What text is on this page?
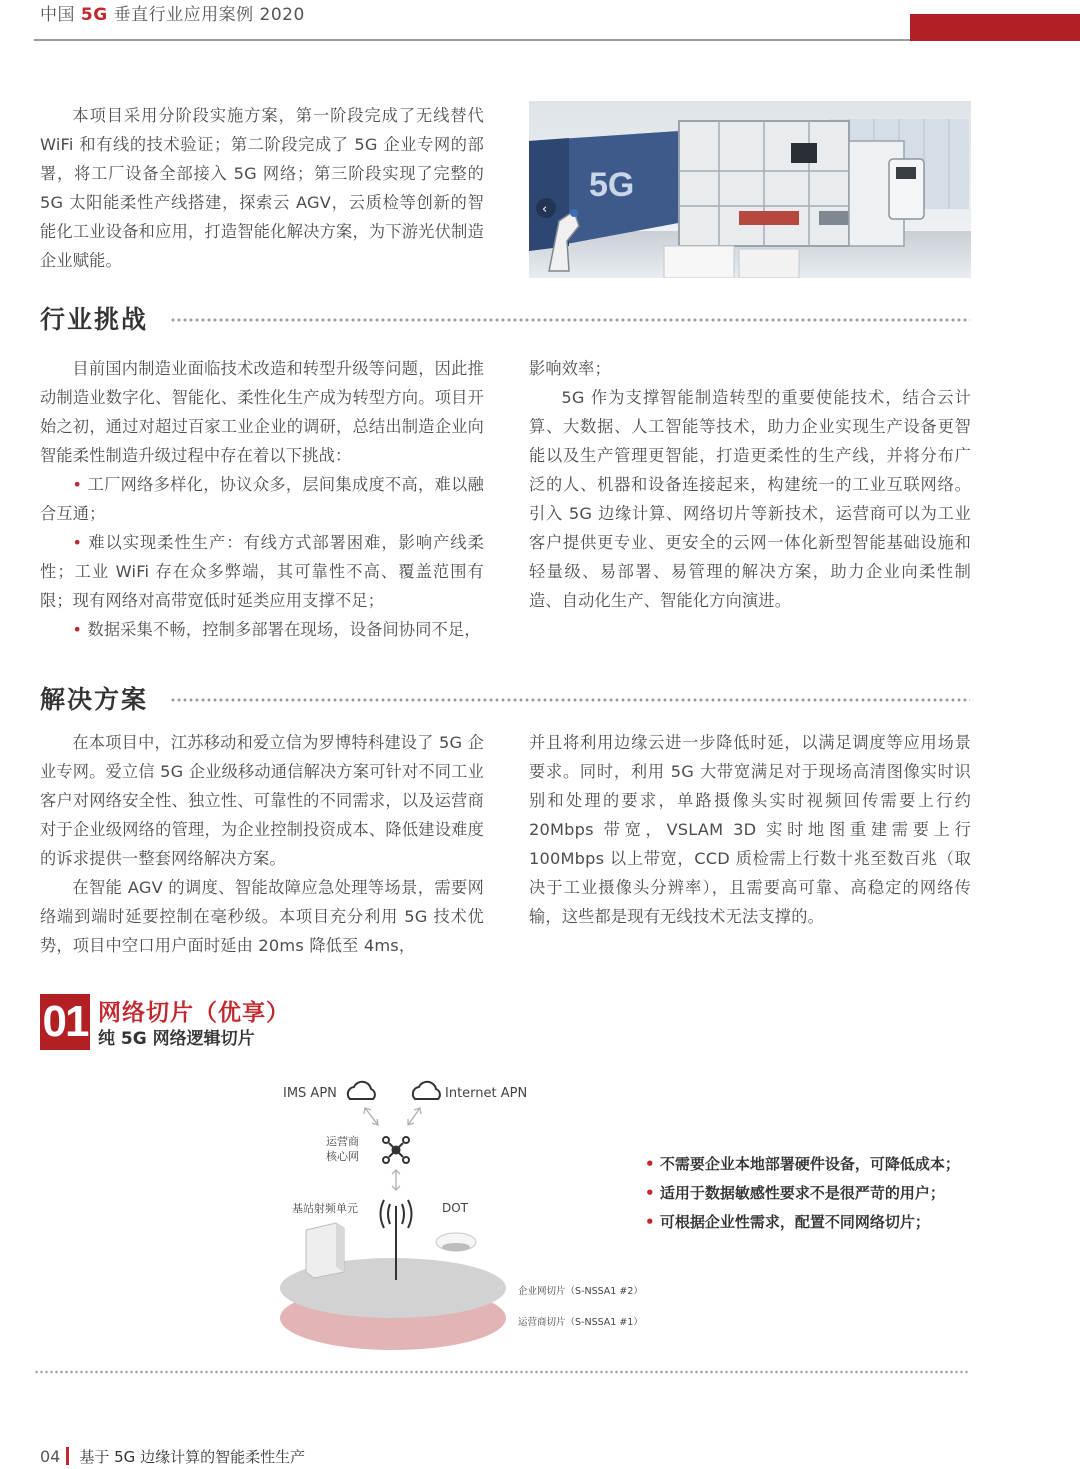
中国 5G 垂直行业应用案例 2020

本项目采用分阶段实施方案，第一阶段完成了无线替代 WiFi 和有线的技术验证；第二阶段完成了 5G 企业专网的部署，将工厂设备全部接入 5G 网络；第三阶段实现了完整的 5G 太阳能柔性产线搭建，探索云 AGV，云质检等创新的智能化工业设备和应用，打造智能化解决方案，为下游光伏制造企业赋能。

5G
‹
行业挑战

目前国内制造业面临技术改造和转型升级等问题，因此推动制造业数字化、智能化、柔性化生产成为转型方向。项目开始之初，通过对超过百家工业企业的调研，总结出制造企业向智能柔性制造升级过程中存在着以下挑战：

• 工厂网络多样化，协议众多，层间集成度不高，难以融合互通；

• 难以实现柔性生产：有线方式部署困难，影响产线柔性；工业 WiFi 存在众多弊端，其可靠性不高、覆盖范围有限；现有网络对高带宽低时延类应用支撑不足；

• 数据采集不畅，控制多部署在现场，设备间协同不足，

影响效率；

5G 作为支撑智能制造转型的重要使能技术，结合云计算、大数据、人工智能等技术，助力企业实现生产设备更智能以及生产管理更智能，打造更柔性的生产线，并将分布广泛的人、机器和设备连接起来，构建统一的工业互联网络。引入 5G 边缘计算、网络切片等新技术，运营商可以为工业客户提供更专业、更安全的云网一体化新型智能基础设施和轻量级、易部署、易管理的解决方案，助力企业向柔性制造、自动化生产、智能化方向演进。

解决方案

在本项目中，江苏移动和爱立信为罗博特科建设了 5G 企业专网。爱立信 5G 企业级移动通信解决方案可针对不同工业客户对网络安全性、独立性、可靠性的不同需求，以及运营商对于企业级网络的管理，为企业控制投资成本、降低建设难度的诉求提供一整套网络解决方案。

在智能 AGV 的调度、智能故障应急处理等场景，需要网络端到端时延要控制在毫秒级。本项目充分利用 5G 技术优势，项目中空口用户面时延由 20ms 降低至 4ms，

并且将利用边缘云进一步降低时延，以满足调度等应用场景要求。同时，利用 5G 大带宽满足对于现场高清图像实时识别和处理的要求，单路摄像头实时视频回传需要上行约 20Mbps 带宽，VSLAM 3D 实时地图重建需要上行 100Mbps 以上带宽，CCD 质检需上行数十兆至数百兆（取决于工业摄像头分辨率），且需要高可靠、高稳定的网络传输，这些都是现有无线技术无法支撑的。

01 网络切片（优享）
纯 5G 网络逻辑切片
IMS APN	Internet APN
运营商
核心网
基站射频单元	DOT
企业网切片（S-NSSA1 #2）
运营商切片（S-NSSA1 #1）
• 不需要企业本地部署硬件设备，可降低成本；
• 适用于数据敏感性要求不是很严苛的用户；
• 可根据企业性需求，配置不同网络切片；
04 基于 5G 边缘计算的智能柔性生产
